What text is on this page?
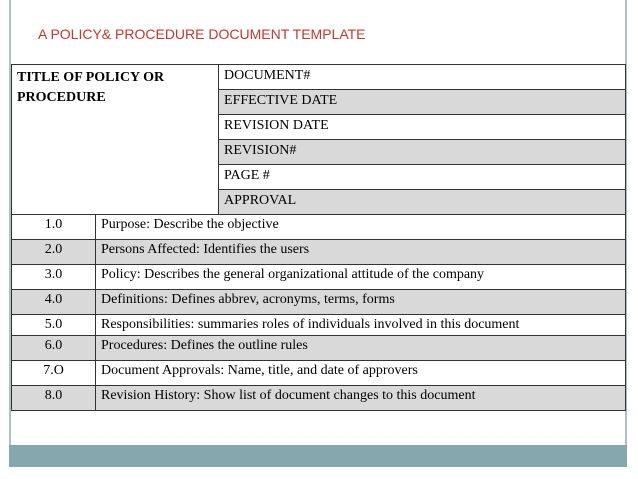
A POLICY& PROCEDURE DOCUMENT TEMPLATE
TITLE OF POLICY OR PROCEDURE		DOCUMENT#
		EFFECTIVE DATE
		REVISION DATE
		REVISION#
		PAGE #
		APPROVAL
1.0	Purpose: Describe the objective	
2.0	Persons Affected: Identifies the users	
3.0	Policy: Describes the general organizational attitude of the company	
4.0	Definitions: Defines abbrev, acronyms, terms, forms	
5.0	Responsibilities: summaries roles of individuals involved in this document	
6.0	Procedures: Defines the outline rules	
7.O	Document Approvals: Name, title, and date of approvers	
8.0	Revision History: Show list of document changes to this document	
